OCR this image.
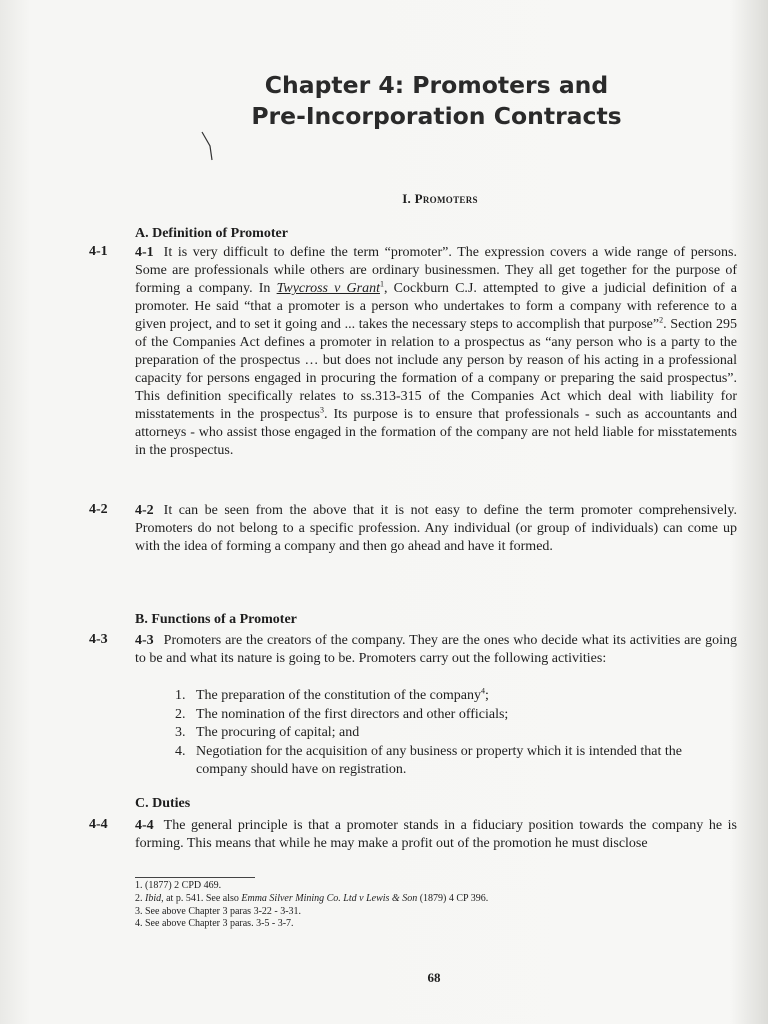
Chapter 4: Promoters and
Pre-Incorporation Contracts
I. Promoters
A. Definition of Promoter
4-1 4-1 It is very difficult to define the term “promoter”. The expression covers a wide range of persons. Some are professionals while others are ordinary businessmen. They all get together for the purpose of forming a company. In Twycross v Grant$^1$, Cockburn C.J. attempted to give a judicial definition of a promoter. He said “that a promoter is a person who undertakes to form a company with reference to a given project, and to set it going and ... takes the necessary steps to accomplish that purpose”$^2$. Section 295 of the Companies Act defines a promoter in relation to a prospectus as “any person who is a party to the preparation of the prospectus … but does not include any person by reason of his acting in a professional capacity for persons engaged in procuring the formation of a company or preparing the said prospectus”. This definition specifically relates to ss.313-315 of the Companies Act which deal with liability for misstatements in the prospectus$^3$. Its purpose is to ensure that professionals - such as accountants and attorneys - who assist those engaged in the formation of the company are not held liable for misstatements in the prospectus.
4-2 4-2 It can be seen from the above that it is not easy to define the term promoter comprehensively. Promoters do not belong to a specific profession. Any individual (or group of individuals) can come up with the idea of forming a company and then go ahead and have it formed.
B. Functions of a Promoter
4-3 4-3 Promoters are the creators of the company. They are the ones who decide what its activities are going to be and what its nature is going to be. Promoters carry out the following activities:
1. The preparation of the constitution of the company$^4$;
2. The nomination of the first directors and other officials;
3. The procuring of capital; and
4. Negotiation for the acquisition of any business or property which it is intended that the company should have on registration.
C. Duties
4-4 4-4 The general principle is that a promoter stands in a fiduciary position towards the company he is forming. This means that while he may make a profit out of the promotion he must disclose
1. (1877) 2 CPD 469.
2. Ibid, at p. 541. See also Emma Silver Mining Co. Ltd v Lewis & Son (1879) 4 CP 396.
3. See above Chapter 3 paras 3-22 - 3-31.
4. See above Chapter 3 paras. 3-5 - 3-7.
68
